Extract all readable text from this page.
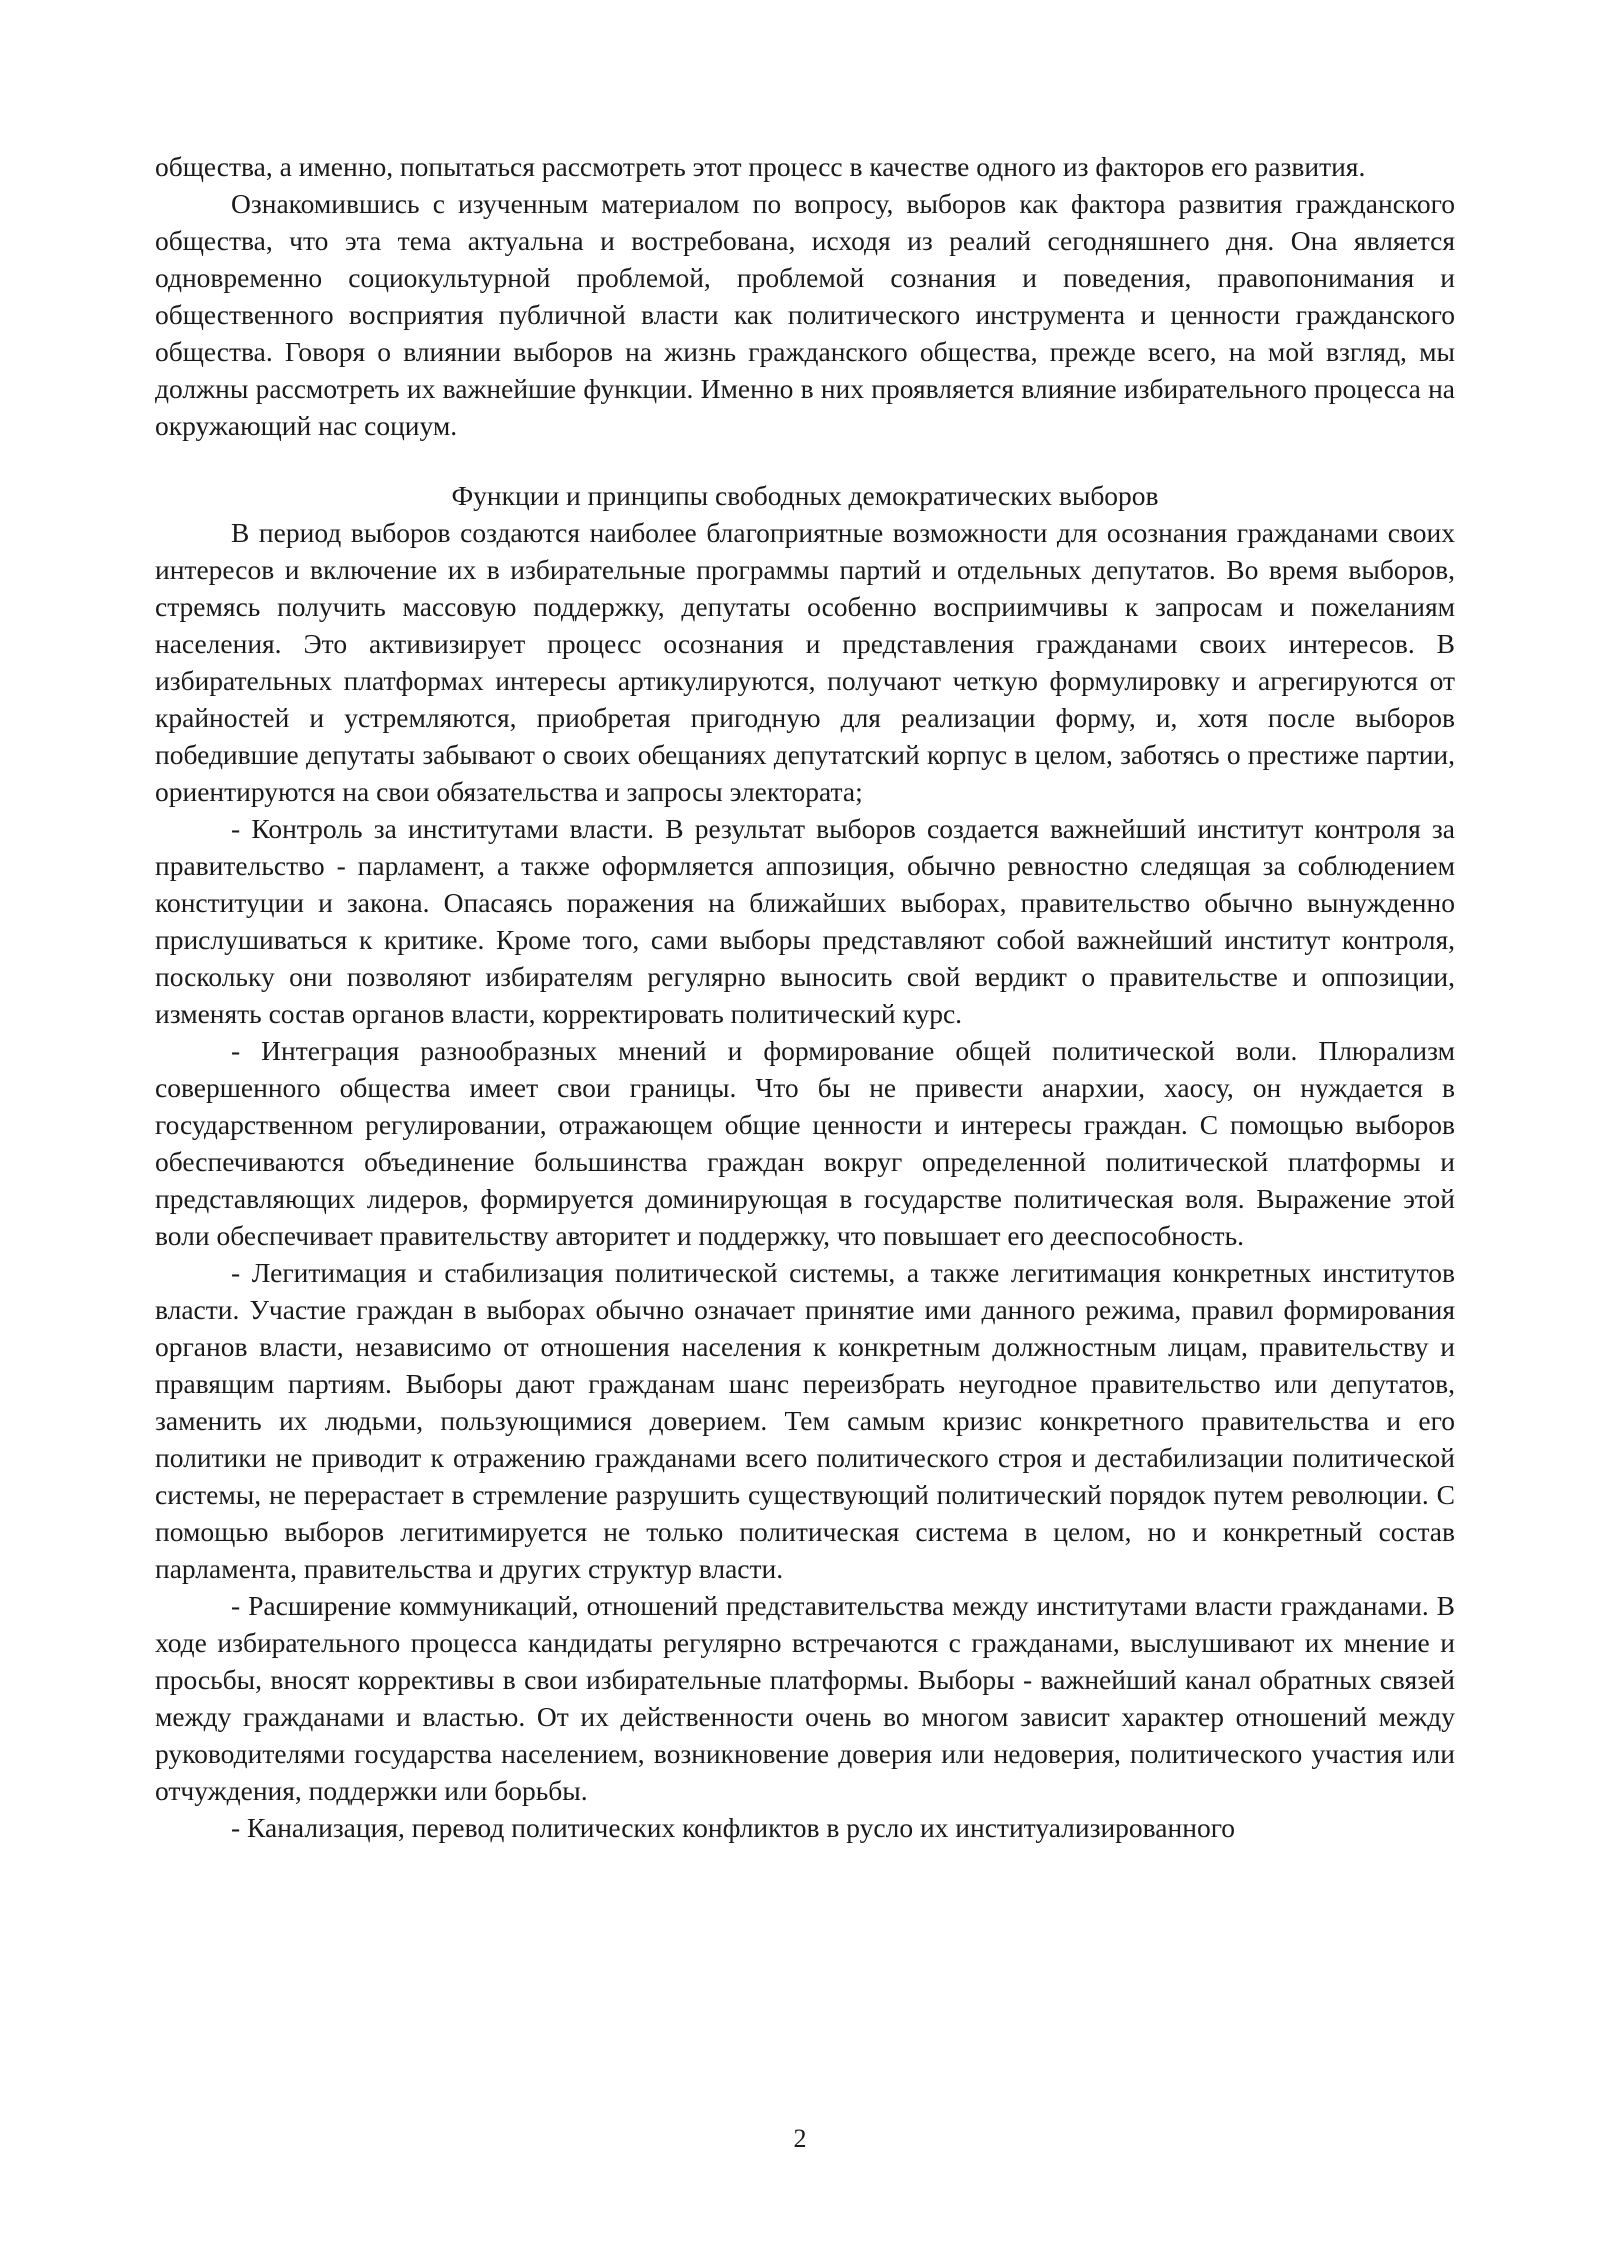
общества, а именно, попытаться рассмотреть этот процесс в качестве одного из факторов его развития.

Ознакомившись с изученным материалом по вопросу, выборов как фактора развития гражданского общества, что эта тема актуальна и востребована, исходя из реалий сегодняшнего дня. Она является одновременно социокультурной проблемой, проблемой сознания и поведения, правопонимания и общественного восприятия публичной власти как политического инструмента и ценности гражданского общества. Говоря о влиянии выборов на жизнь гражданского общества, прежде всего, на мой взгляд, мы должны рассмотреть их важнейшие функции. Именно в них проявляется влияние избирательного процесса на окружающий нас социум.

Функции и принципы свободных демократических выборов

В период выборов создаются наиболее благоприятные возможности для осознания гражданами своих интересов и включение их в избирательные программы партий и отдельных депутатов. Во время выборов, стремясь получить массовую поддержку, депутаты особенно восприимчивы к запросам и пожеланиям населения. Это активизирует процесс осознания и представления гражданами своих интересов. В избирательных платформах интересы артикулируются, получают четкую формулировку и агрегируются от крайностей и устремляются, приобретая пригодную для реализации форму, и, хотя после выборов победившие депутаты забывают о своих обещаниях депутатский корпус в целом, заботясь о престиже партии, ориентируются на свои обязательства и запросы электората;

- Контроль за институтами власти. В результат выборов создается важнейший институт контроля за правительство - парламент, а также оформляется аппозиция, обычно ревностно следящая за соблюдением конституции и закона. Опасаясь поражения на ближайших выборах, правительство обычно вынужденно прислушиваться к критике. Кроме того, сами выборы представляют собой важнейший институт контроля, поскольку они позволяют избирателям регулярно выносить свой вердикт о правительстве и оппозиции, изменять состав органов власти, корректировать политический курс.

- Интеграция разнообразных мнений и формирование общей политической воли. Плюрализм совершенного общества имеет свои границы. Что бы не привести анархии, хаосу, он нуждается в государственном регулировании, отражающем общие ценности и интересы граждан. С помощью выборов обеспечиваются объединение большинства граждан вокруг определенной политической платформы и представляющих лидеров, формируется доминирующая в государстве политическая воля. Выражение этой воли обеспечивает правительству авторитет и поддержку, что повышает его дееспособность.

- Легитимация и стабилизация политической системы, а также легитимация конкретных институтов власти. Участие граждан в выборах обычно означает принятие ими данного режима, правил формирования органов власти, независимо от отношения населения к конкретным должностным лицам, правительству и правящим партиям. Выборы дают гражданам шанс переизбрать неугодное правительство или депутатов, заменить их людьми, пользующимися доверием. Тем самым кризис конкретного правительства и его политики не приводит к отражению гражданами всего политического строя и дестабилизации политической системы, не перерастает в стремление разрушить существующий политический порядок путем революции. С помощью выборов легитимируется не только политическая система в целом, но и конкретный состав парламента, правительства и других структур власти.

- Расширение коммуникаций, отношений представительства между институтами власти гражданами. В ходе избирательного процесса кандидаты регулярно встречаются с гражданами, выслушивают их мнение и просьбы, вносят коррективы в свои избирательные платформы. Выборы - важнейший канал обратных связей между гражданами и властью. От их действенности очень во многом зависит характер отношений между руководителями государства населением, возникновение доверия или недоверия, политического участия или отчуждения, поддержки или борьбы.

- Канализация, перевод политических конфликтов в русло их институализированного

2
